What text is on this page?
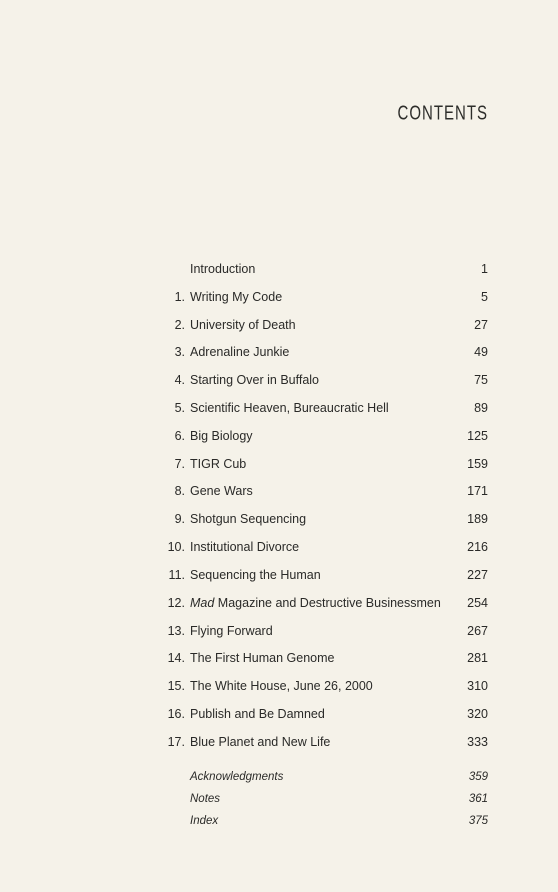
CONTENTS
Introduction	1
1. Writing My Code	5
2. University of Death	27
3. Adrenaline Junkie	49
4. Starting Over in Buffalo	75
5. Scientific Heaven, Bureaucratic Hell	89
6. Big Biology	125
7. TIGR Cub	159
8. Gene Wars	171
9. Shotgun Sequencing	189
10. Institutional Divorce	216
11. Sequencing the Human	227
12. Mad Magazine and Destructive Businessmen 254
13. Flying Forward	267
14. The First Human Genome	281
15. The White House, June 26, 2000	310
16. Publish and Be Damned	320
17. Blue Planet and New Life	333
Acknowledgments	359
Notes	361
Index	375
